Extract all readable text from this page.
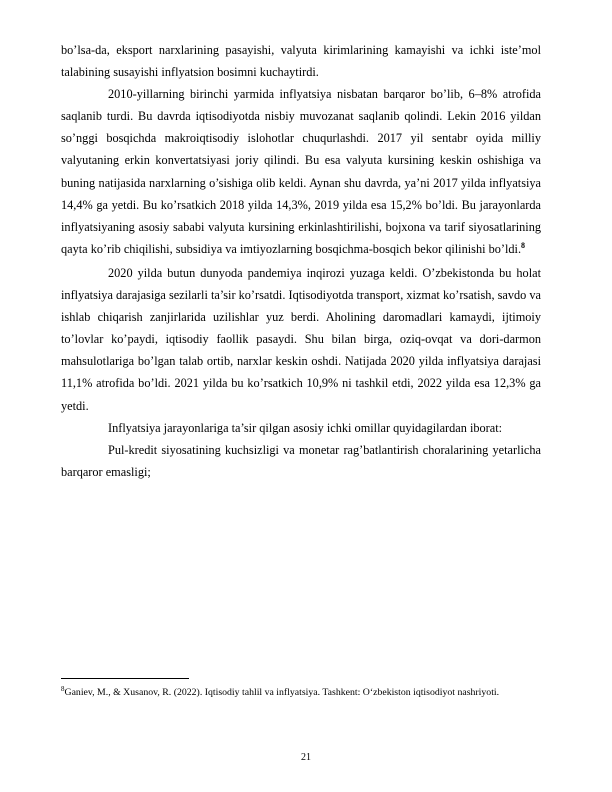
bo’lsa-da, eksport narxlarining pasayishi, valyuta kirimlarining kamayishi va ichki iste’mol talabining susayishi inflyatsion bosimni kuchaytirdi.

2010-yillarning birinchi yarmida inflyatsiya nisbatan barqaror bo’lib, 6–8% atrofida saqlanib turdi. Bu davrda iqtisodiyotda nisbiy muvozanat saqlanib qolindi. Lekin 2016 yildan so’nggi bosqichda makroiqtisodiy islohotlar chuqurlashdi. 2017 yil sentabr oyida milliy valyutaning erkin konvertatsiyasi joriy qilindi. Bu esa valyuta kursining keskin oshishiga va buning natijasida narxlarning o’sishiga olib keldi. Aynan shu davrda, ya’ni 2017 yilda inflyatsiya 14,4% ga yetdi. Bu ko’rsatkich 2018 yilda 14,3%, 2019 yilda esa 15,2% bo’ldi. Bu jarayonlarda inflyatsiyaning asosiy sababi valyuta kursining erkinlashtirilishi, bojxona va tarif siyosatlarining qayta ko’rib chiqilishi, subsidiya va imtiyozlarning bosqichma-bosqich bekor qilinishi bo’ldi.$^8$

2020 yilda butun dunyoda pandemiya inqirozi yuzaga keldi. O’zbekistonda bu holat inflyatsiya darajasiga sezilarli ta’sir ko’rsatdi. Iqtisodiyotda transport, xizmat ko’rsatish, savdo va ishlab chiqarish zanjirlarida uzilishlar yuz berdi. Aholining daromadlari kamaydi, ijtimoiy to’lovlar ko’paydi, iqtisodiy faollik pasaydi. Shu bilan birga, oziq-ovqat va dori-darmon mahsulotlariga bo’lgan talab ortib, narxlar keskin oshdi. Natijada 2020 yilda inflyatsiya darajasi 11,1% atrofida bo’ldi. 2021 yilda bu ko’rsatkich 10,9% ni tashkil etdi, 2022 yilda esa 12,3% ga yetdi.

Inflyatsiya jarayonlariga ta’sir qilgan asosiy ichki omillar quyidagilardan iborat:

Pul-kredit siyosatining kuchsizligi va monetar rag’batlantirish choralarining yetarlicha barqaror emasligi;

$^8$Ganiev, M., & Xusanov, R. (2022). Iqtisodiy tahlil va inflyatsiya. Tashkent: O‘zbekiston iqtisodiyot nashriyoti.
21
